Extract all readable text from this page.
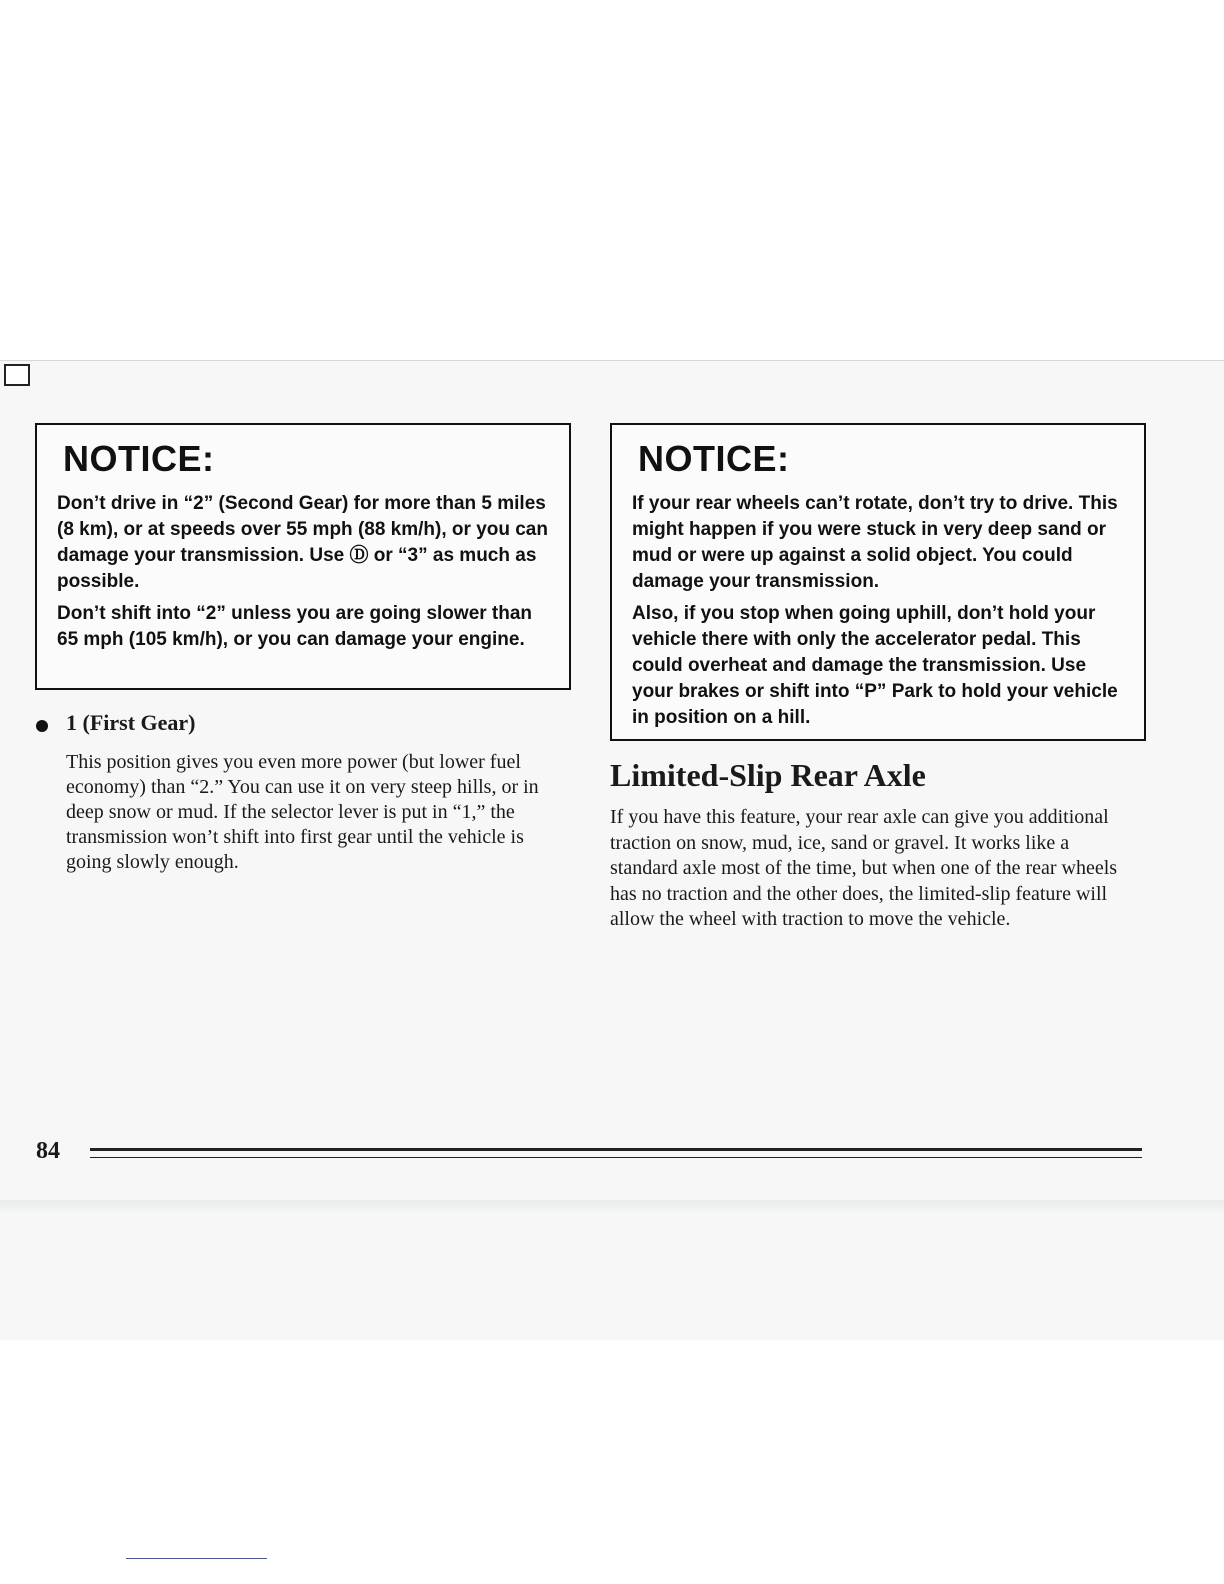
NOTICE:

Don’t drive in “2” (Second Gear) for more than 5 miles (8 km), or at speeds over 55 mph (88 km/h), or you can damage your transmission. Use Ⓓ or “3” as much as possible.

Don’t shift into “2” unless you are going slower than 65 mph (105 km/h), or you can damage your engine.

1 (First Gear)

This position gives you even more power (but lower fuel economy) than “2.” You can use it on very steep hills, or in deep snow or mud. If the selector lever is put in “1,” the transmission won’t shift into first gear until the vehicle is going slowly enough.

NOTICE:

If your rear wheels can’t rotate, don’t try to drive. This might happen if you were stuck in very deep sand or mud or were up against a solid object. You could damage your transmission.

Also, if you stop when going uphill, don’t hold your vehicle there with only the accelerator pedal. This could overheat and damage the transmission. Use your brakes or shift into “P” Park to hold your vehicle in position on a hill.

Limited-Slip Rear Axle

If you have this feature, your rear axle can give you additional traction on snow, mud, ice, sand or gravel. It works like a standard axle most of the time, but when one of the rear wheels has no traction and the other does, the limited-slip feature will allow the wheel with traction to move the vehicle.

84
